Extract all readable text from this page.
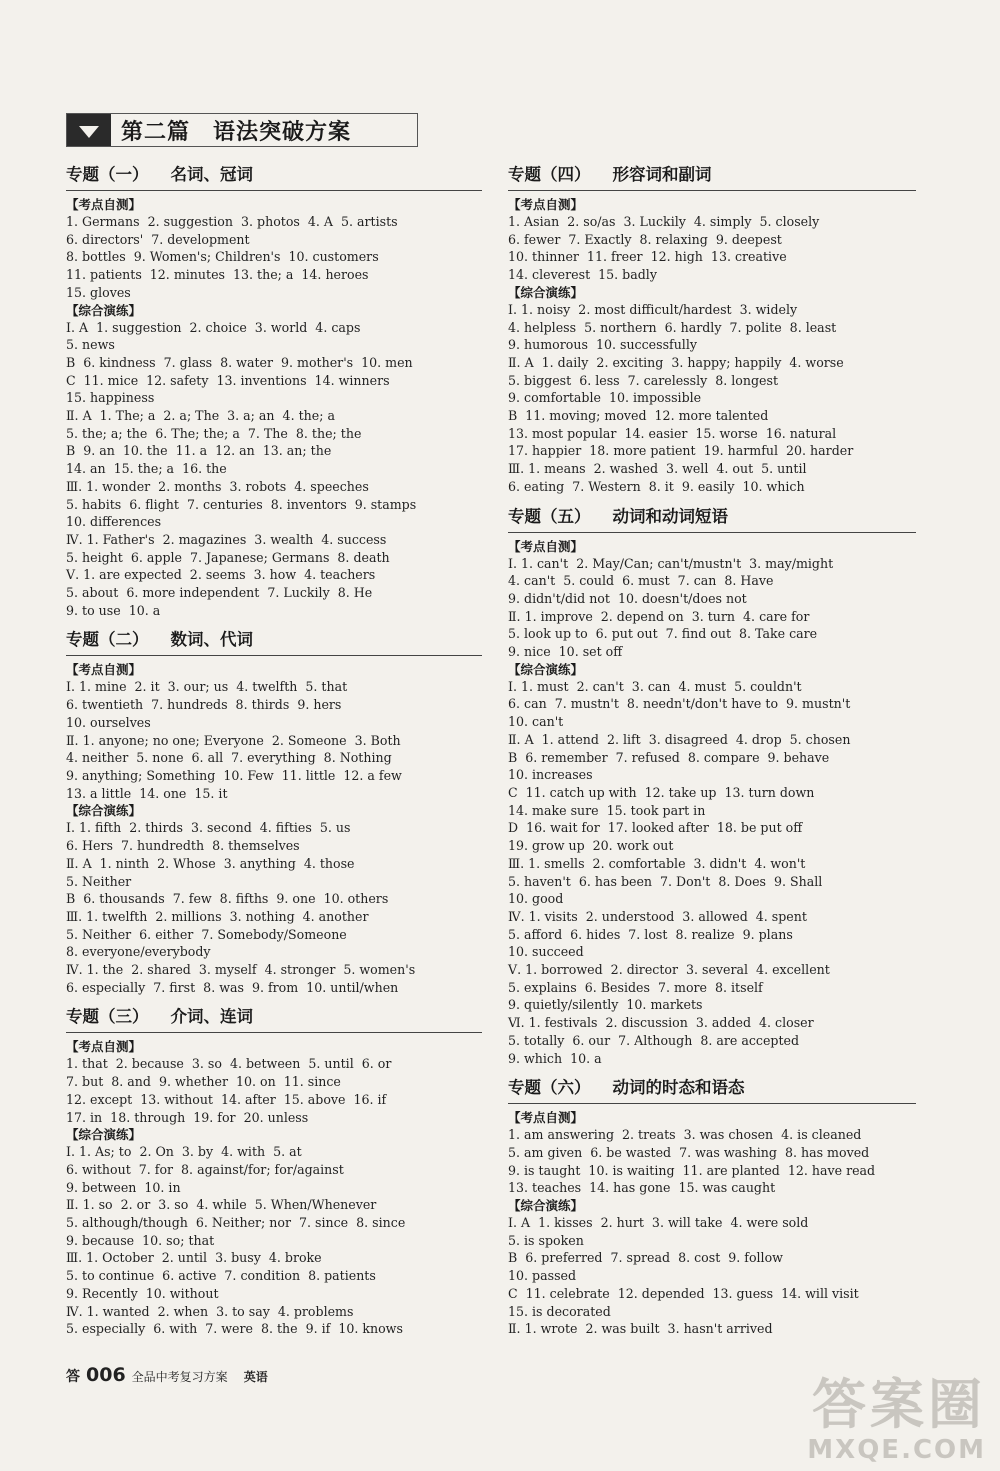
第二篇　语法突破方案
专题（一） 名词、冠词
【考点自测】
1. Germans  2. suggestion  3. photos  4. A  5. artists
6. directors'  7. development
8. bottles  9. Women's; Children's  10. customers
11. patients  12. minutes  13. the; a  14. heroes
15. gloves
【综合演练】
Ⅰ. A  1. suggestion  2. choice  3. world  4. caps
5. news
B  6. kindness  7. glass  8. water  9. mother's  10. men
C  11. mice  12. safety  13. inventions  14. winners
15. happiness
Ⅱ. A  1. The; a  2. a; The  3. a; an  4. the; a
5. the; a; the  6. The; the; a  7. The  8. the; the
B  9. an  10. the  11. a  12. an  13. an; the
14. an  15. the; a  16. the
Ⅲ. 1. wonder  2. months  3. robots  4. speeches
5. habits  6. flight  7. centuries  8. inventors  9. stamps
10. differences
Ⅳ. 1. Father's  2. magazines  3. wealth  4. success
5. height  6. apple  7. Japanese; Germans  8. death
Ⅴ. 1. are expected  2. seems  3. how  4. teachers
5. about  6. more independent  7. Luckily  8. He
9. to use  10. a
专题（二） 数词、代词
【考点自测】
Ⅰ. 1. mine  2. it  3. our; us  4. twelfth  5. that
6. twentieth  7. hundreds  8. thirds  9. hers
10. ourselves
Ⅱ. 1. anyone; no one; Everyone  2. Someone  3. Both
4. neither  5. none  6. all  7. everything  8. Nothing
9. anything; Something  10. Few  11. little  12. a few
13. a little  14. one  15. it
【综合演练】
Ⅰ. 1. fifth  2. thirds  3. second  4. fifties  5. us
6. Hers  7. hundredth  8. themselves
Ⅱ. A  1. ninth  2. Whose  3. anything  4. those
5. Neither
B  6. thousands  7. few  8. fifths  9. one  10. others
Ⅲ. 1. twelfth  2. millions  3. nothing  4. another
5. Neither  6. either  7. Somebody/Someone
8. everyone/everybody
Ⅳ. 1. the  2. shared  3. myself  4. stronger  5. women's
6. especially  7. first  8. was  9. from  10. until/when
专题（三） 介词、连词
【考点自测】
1. that  2. because  3. so  4. between  5. until  6. or
7. but  8. and  9. whether  10. on  11. since
12. except  13. without  14. after  15. above  16. if
17. in  18. through  19. for  20. unless
【综合演练】
Ⅰ. 1. As; to  2. On  3. by  4. with  5. at
6. without  7. for  8. against/for; for/against
9. between  10. in
Ⅱ. 1. so  2. or  3. so  4. while  5. When/Whenever
5. although/though  6. Neither; nor  7. since  8. since
9. because  10. so; that
Ⅲ. 1. October  2. until  3. busy  4. broke
5. to continue  6. active  7. condition  8. patients
9. Recently  10. without
Ⅳ. 1. wanted  2. when  3. to say  4. problems
5. especially  6. with  7. were  8. the  9. if  10. knows
专题（四） 形容词和副词
【考点自测】
1. Asian  2. so/as  3. Luckily  4. simply  5. closely
6. fewer  7. Exactly  8. relaxing  9. deepest
10. thinner  11. freer  12. high  13. creative
14. cleverest  15. badly
【综合演练】
Ⅰ. 1. noisy  2. most difficult/hardest  3. widely
4. helpless  5. northern  6. hardly  7. polite  8. least
9. humorous  10. successfully
Ⅱ. A  1. daily  2. exciting  3. happy; happily  4. worse
5. biggest  6. less  7. carelessly  8. longest
9. comfortable  10. impossible
B  11. moving; moved  12. more talented
13. most popular  14. easier  15. worse  16. natural
17. happier  18. more patient  19. harmful  20. harder
Ⅲ. 1. means  2. washed  3. well  4. out  5. until
6. eating  7. Western  8. it  9. easily  10. which
专题（五） 动词和动词短语
【考点自测】
Ⅰ. 1. can't  2. May/Can; can't/mustn't  3. may/might
4. can't  5. could  6. must  7. can  8. Have
9. didn't/did not  10. doesn't/does not
Ⅱ. 1. improve  2. depend on  3. turn  4. care for
5. look up to  6. put out  7. find out  8. Take care
9. nice  10. set off
【综合演练】
Ⅰ. 1. must  2. can't  3. can  4. must  5. couldn't
6. can  7. mustn't  8. needn't/don't have to  9. mustn't
10. can't
Ⅱ. A  1. attend  2. lift  3. disagreed  4. drop  5. chosen
B  6. remember  7. refused  8. compare  9. behave
10. increases
C  11. catch up with  12. take up  13. turn down
14. make sure  15. took part in
D  16. wait for  17. looked after  18. be put off
19. grow up  20. work out
Ⅲ. 1. smells  2. comfortable  3. didn't  4. won't
5. haven't  6. has been  7. Don't  8. Does  9. Shall
10. good
Ⅳ. 1. visits  2. understood  3. allowed  4. spent
5. afford  6. hides  7. lost  8. realize  9. plans
10. succeed
Ⅴ. 1. borrowed  2. director  3. several  4. excellent
5. explains  6. Besides  7. more  8. itself
9. quietly/silently  10. markets
Ⅵ. 1. festivals  2. discussion  3. added  4. closer
5. totally  6. our  7. Although  8. are accepted
9. which  10. a
专题（六） 动词的时态和语态
【考点自测】
1. am answering  2. treats  3. was chosen  4. is cleaned
5. am given  6. be wasted  7. was washing  8. has moved
9. is taught  10. is waiting  11. are planted  12. have read
13. teaches  14. has gone  15. was caught
【综合演练】
Ⅰ. A  1. kisses  2. hurt  3. will take  4. were sold
5. is spoken
B  6. preferred  7. spread  8. cost  9. follow
10. passed
C  11. celebrate  12. depended  13. guess  14. will visit
15. is decorated
Ⅱ. 1. wrote  2. was built  3. hasn't arrived
答 006 全品中考复习方案 英语	答案圈
MXQE.COM
